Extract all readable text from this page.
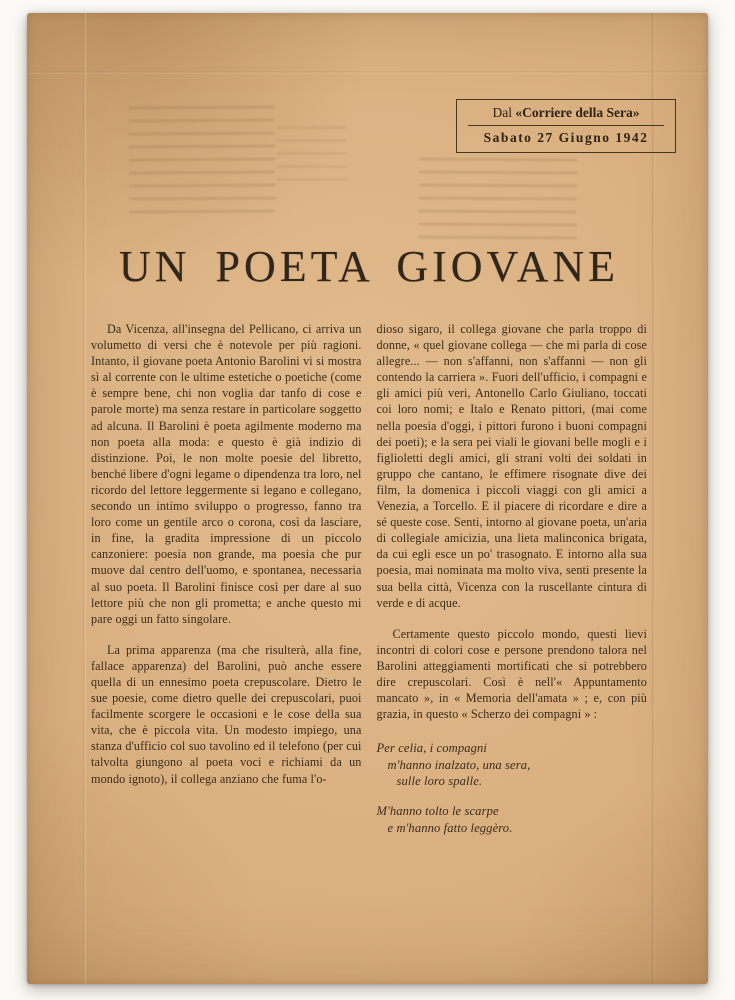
Dal «Corriere della Sera»
Sabato 27 Giugno 1942
UN POETA GIOVANE

Da Vicenza, all'insegna del Pellicano, ci arriva un volumetto di versi che è notevole per più ragioni. Intanto, il giovane poeta Antonio Barolini vi si mostra sì al corrente con le ultime estetiche o poetiche (come è sempre bene, chi non voglia dar tanfo di cose e parole morte) ma senza restare in particolare soggetto ad alcuna. Il Barolini è poeta agilmente moderno ma non poeta alla moda: e questo è già indizio di distinzione. Poi, le non molte poesie del libretto, benché libere d'ogni legame o dipendenza tra loro, nel ricordo del lettore leggermente si legano e collegano, secondo un intimo sviluppo o progresso, fanno tra loro come un gentile arco o corona, così da lasciare, in fine, la gradita impressione di un piccolo canzoniere: poesia non grande, ma poesia che pur muove dal centro dell'uomo, e spontanea, necessaria al suo poeta. Il Barolini finisce così per dare al suo lettore più che non gli prometta; e anche questo mi pare oggi un fatto singolare.

La prima apparenza (ma che risulterà, alla fine, fallace apparenza) del Barolini, può anche essere quella di un ennesimo poeta crepuscolare. Dietro le sue poesie, come dietro quelle dei crepuscolari, puoi facilmente scorgere le occasioni e le cose della sua vita, che è piccola vita. Un modesto impiego, una stanza d'ufficio col suo tavolino ed il telefono (per cui talvolta giungono al poeta voci e richiami da un mondo ignoto), il collega anziano che fuma l'o-

dioso sigaro, il collega giovane che parla troppo di donne, « quel giovane collega — che mi parla di cose allegre... — non s'affanni, non s'affanni — non gli contendo la carriera ». Fuori dell'ufficio, i compagni e gli amici più veri, Antonello Carlo Giuliano, toccati coi loro nomi; e Italo e Renato pittori, (mai come nella poesia d'oggi, i pittori furono i buoni compagni dei poeti); e la sera pei viali le giovani belle mogli e i figlioletti degli amici, gli strani volti dei soldati in gruppo che cantano, le effimere risognate dive dei film, la domenica i piccoli viaggi con gli amici a Venezia, a Torcello. E il piacere di ricordare e dire a sé queste cose. Senti, intorno al giovane poeta, un'aria di collegiale amicizia, una lieta malinconica brigata, da cui egli esce un po' trasognato. E intorno alla sua poesia, mai nominata ma molto viva, senti presente la sua bella città, Vicenza con la ruscellante cintura di verde e di acque.

Certamente questo piccolo mondo, questi lievi incontri di colori cose e persone prendono talora nel Barolini atteggiamenti mortificati che si potrebbero dire crepuscolari. Così è nell'« Appuntamento mancato », in « Memoria dell'amata » ; e, con più grazia, in questo « Scherzo dei compagni » :

Per celia, i compagni
m'hanno inalzato, una sera,
sulle loro spalle.
M'hanno tolto le scarpe
e m'hanno fatto leggèro.
